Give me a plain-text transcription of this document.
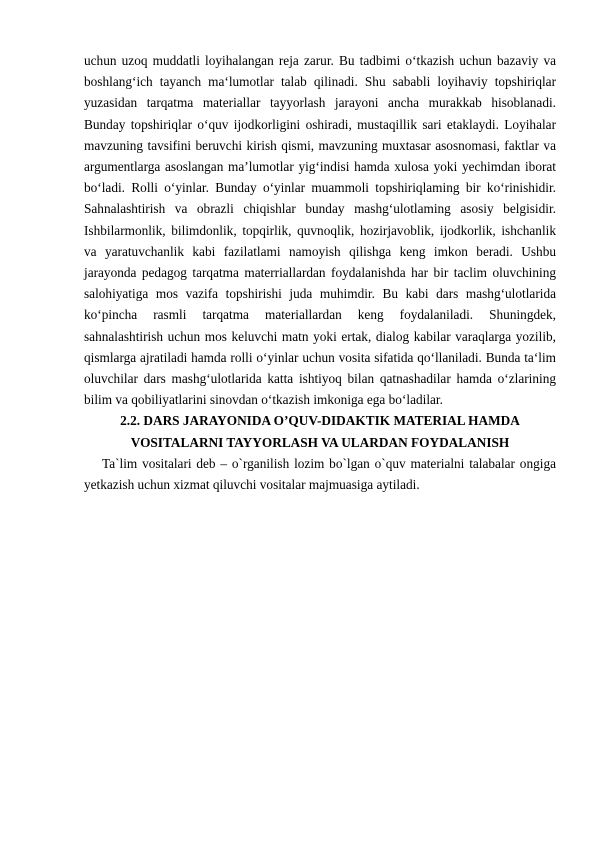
uchun uzoq muddatli loyihalangan reja zarur. Bu tadbimi o‘tkazish uchun bazaviy va boshlang‘ich tayanch ma‘lumotlar talab qilinadi. Shu sababli loyihaviy topshiriqlar yuzasidan tarqatma materiallar tayyorlash jarayoni ancha murakkab hisoblanadi. Bunday topshiriqlar o‘quv ijodkorligini oshiradi, mustaqillik sari etaklaydi. Loyihalar mavzuning tavsifini beruvchi kirish qismi, mavzuning muxtasar asosnomasi, faktlar va argumentlarga asoslangan ma’lumotlar yig‘indisi hamda xulosa yoki yechimdan iborat bo‘ladi. Rolli o‘yinlar. Bunday o‘yinlar muammoli topshiriqlaming bir ko‘rinishidir. Sahnalashtirish va obrazli chiqishlar bunday mashg‘ulotlaming asosiy belgisidir. Ishbilarmonlik, bilimdonlik, topqirlik, quvnoqlik, hozirjavoblik, ijodkorlik, ishchanlik va yaratuvchanlik kabi fazilatlami namoyish qilishga keng imkon beradi. Ushbu jarayonda pedagog tarqatma materriallardan foydalanishda har bir taclim oluvchining salohiyatiga mos vazifa topshirishi juda muhimdir. Bu kabi dars mashg‘ulotlarida ko‘pincha rasmli tarqatma materiallardan keng foydalaniladi. Shuningdek, sahnalashtirish uchun mos keluvchi matn yoki ertak, dialog kabilar varaqlarga yozilib, qismlarga ajratiladi hamda rolli o‘yinlar uchun vosita sifatida qo‘llaniladi. Bunda ta‘lim oluvchilar dars mashg‘ulotlarida katta ishtiyoq bilan qatnashadilar hamda o‘zlarining bilim va qobiliyatlarini sinovdan o‘tkazish imkoniga ega bo‘ladilar.

2.2. DARS JARAYONIDA O’QUV-DIDAKTIK MATERIAL HAMDA

VOSITALARNI TAYYORLASH VA ULARDAN FOYDALANISH

Ta`lim vositalari deb – o`rganilish lozim bo`lgan o`quv materialni talabalar ongiga yetkazish uchun xizmat qiluvchi vositalar majmuasiga aytiladi.
